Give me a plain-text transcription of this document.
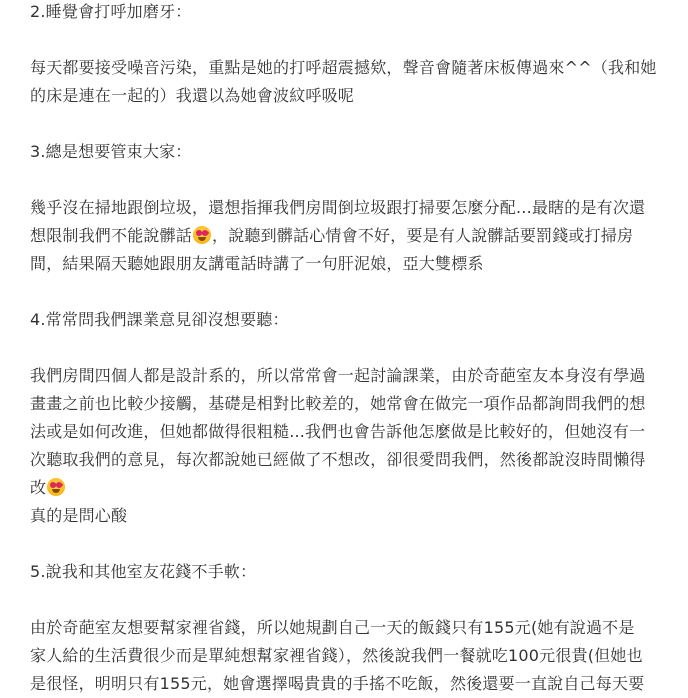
2.睡覺會打呼加磨牙：
每天都要接受噪音污染，重點是她的打呼超震撼欸，聲音會隨著床板傳過來^^（我和她
的床是連在一起的）我還以為她會波紋呼吸呢
3.總是想要管束大家：
幾乎沒在掃地跟倒垃圾，還想指揮我們房間倒垃圾跟打掃要怎麼分配...最瞎的是有次還
想限制我們不能說髒話 ，說聽到髒話心情會不好，要是有人說髒話要罰錢或打掃房
間，結果隔天聽她跟朋友講電話時講了一句肝泥娘，亞大雙標系
4.常常問我們課業意見卻沒想要聽：
我們房間四個人都是設計系的，所以常常會一起討論課業，由於奇葩室友本身沒有學過
畫畫之前也比較少接觸，基礎是相對比較差的，她常會在做完一項作品都詢問我們的想
法或是如何改進，但她都做得很粗糙...我們也會告訴他怎麼做是比較好的，但她沒有一
次聽取我們的意見，每次都說她已經做了不想改，卻很愛問我們，然後都說沒時間懶得
改
真的是問心酸
5.說我和其他室友花錢不手軟：
由於奇葩室友想要幫家裡省錢，所以她規劃自己一天的飯錢只有155元(她有說過不是
家人給的生活費很少而是單純想幫家裡省錢），然後說我們一餐就吃100元很貴(但她也
是很怪，明明只有155元，她會選擇喝貴貴的手搖不吃飯，然後還要一直說自己每天要
